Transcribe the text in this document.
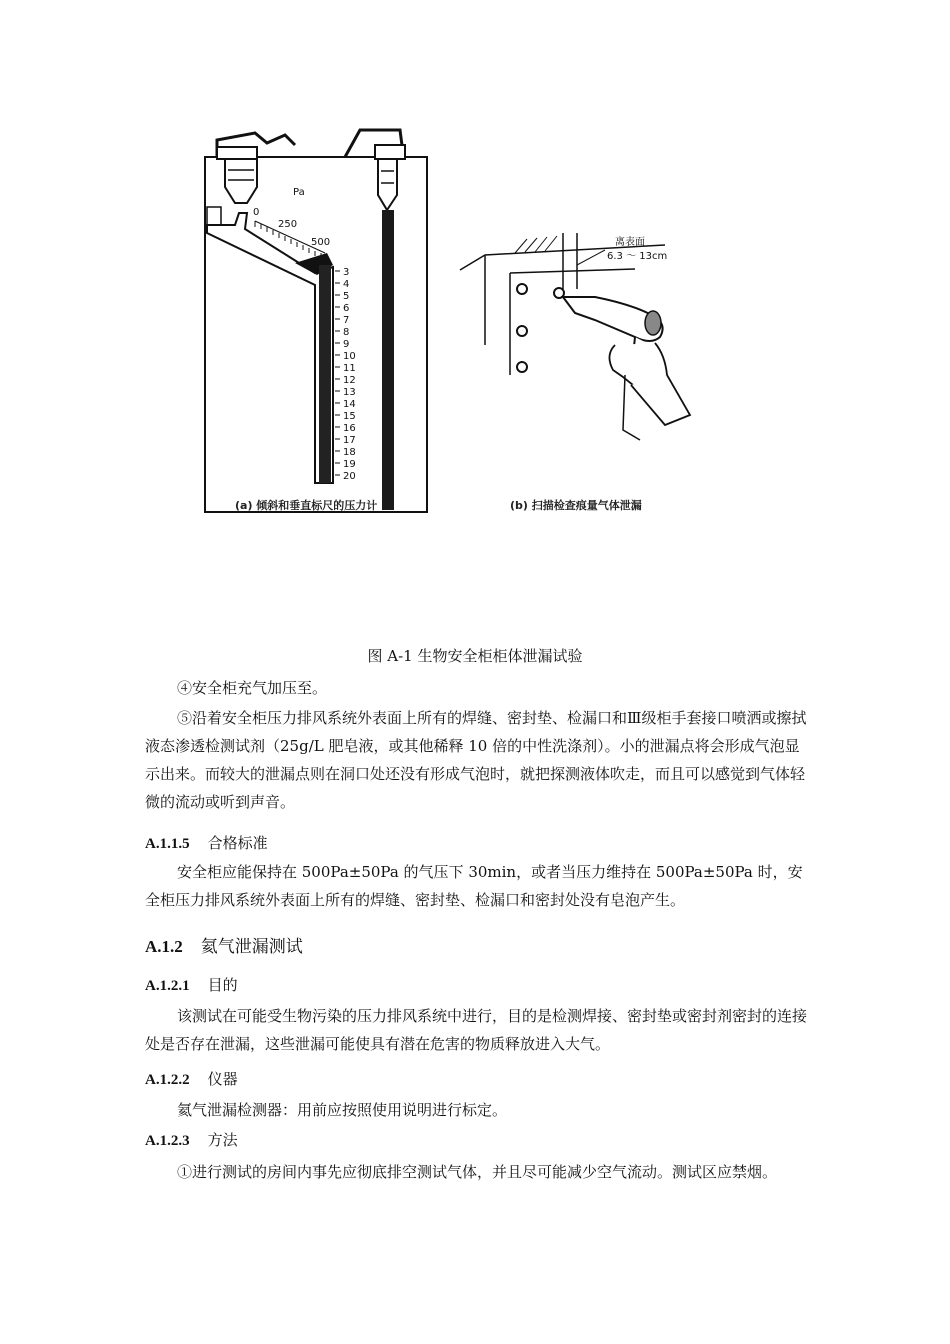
Pa
0
250
500
3
4
5
6
7
8
9
10
11
12
13
14
15
16
17
18
19
20
(a) 倾斜和垂直标尺的压力计
离表面
6.3 ～ 13cm
(b) 扫描检查痕量气体泄漏
图 A-1 生物安全柜柜体泄漏试验
④安全柜充气加压至。
⑤沿着安全柜压力排风系统外表面上所有的焊缝、密封垫、检漏口和Ⅲ级柜手套接口喷洒或擦拭液态渗透检测试剂（25g/L 肥皂液，或其他稀释 10 倍的中性洗涤剂）。小的泄漏点将会形成气泡显示出来。而较大的泄漏点则在洞口处还没有形成气泡时，就把探测液体吹走，而且可以感觉到气体轻微的流动或听到声音。
A.1.1.5 合格标准
安全柜应能保持在 500Pa±50Pa 的气压下 30min，或者当压力维持在 500Pa±50Pa 时，安全柜压力排风系统外表面上所有的焊缝、密封垫、检漏口和密封处没有皂泡产生。
A.1.2 氦气泄漏测试
A.1.2.1 目的
该测试在可能受生物污染的压力排风系统中进行，目的是检测焊接、密封垫或密封剂密封的连接处是否存在泄漏，这些泄漏可能使具有潜在危害的物质释放进入大气。
A.1.2.2 仪器
氦气泄漏检测器：用前应按照使用说明进行标定。
A.1.2.3 方法
①进行测试的房间内事先应彻底排空测试气体，并且尽可能减少空气流动。测试区应禁烟。
